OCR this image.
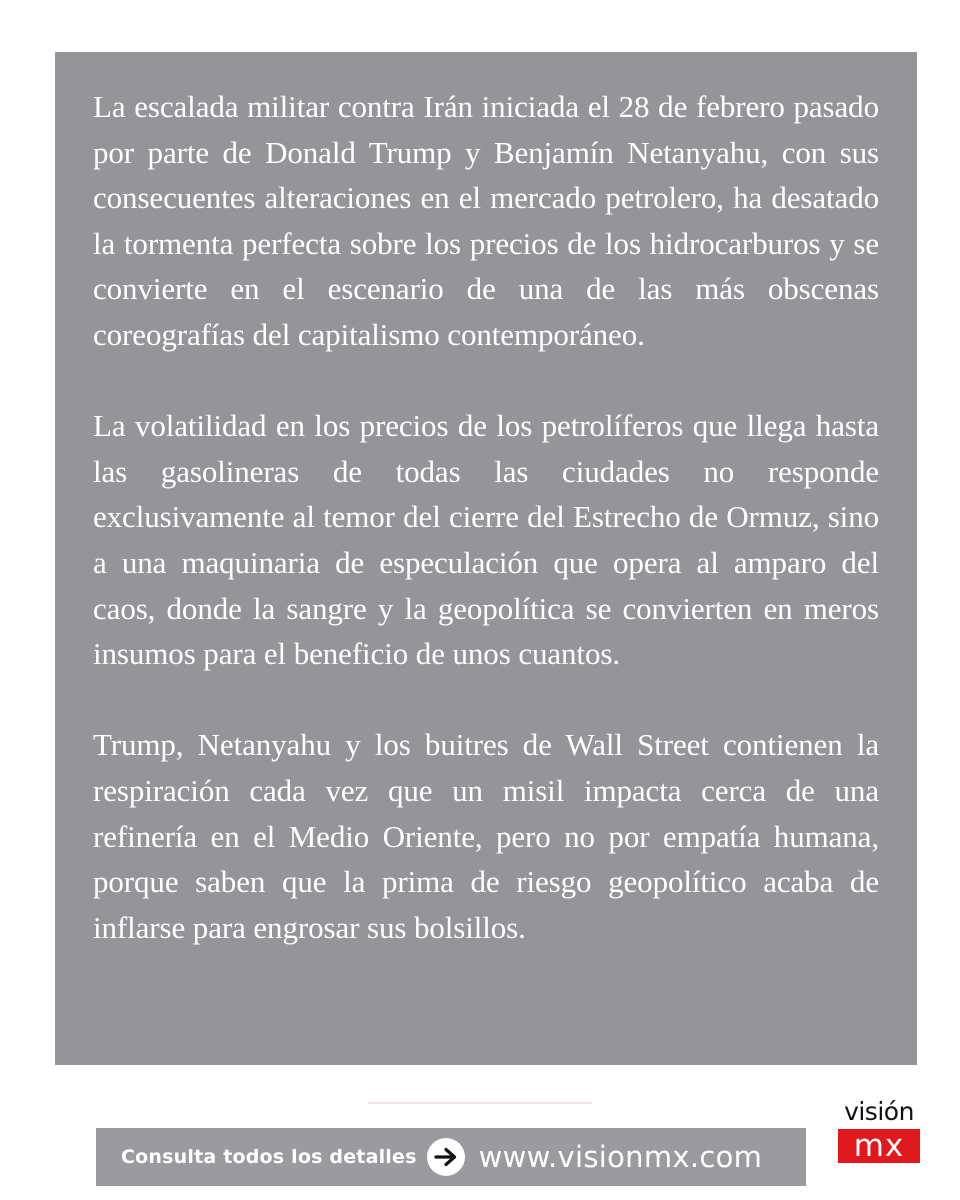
La escalada militar contra Irán iniciada el 28 de febrero pasado por parte de Donald Trump y Benjamín Netanyahu, con sus consecuentes alteraciones en el mercado petrolero, ha desatado la tormenta perfecta sobre los precios de los hidrocarburos y se convierte en el escenario de una de las más obscenas coreografías del capitalismo contemporáneo.

La volatilidad en los precios de los petrolíferos que llega hasta las gasolineras de todas las ciudades no responde exclusivamente al temor del cierre del Estrecho de Ormuz, sino a una maquinaria de especulación que opera al amparo del caos, donde la sangre y la geopolítica se convierten en meros insumos para el beneficio de unos cuantos.

Trump, Netanyahu y los buitres de Wall Street contienen la respiración cada vez que un misil impacta cerca de una refinería en el Medio Oriente, pero no por empatía humana, porque saben que la prima de riesgo geopolítico acaba de inflarse para engrosar sus bolsillos.

Consulta todos los detalles www.visionmx.com
visión
mx
